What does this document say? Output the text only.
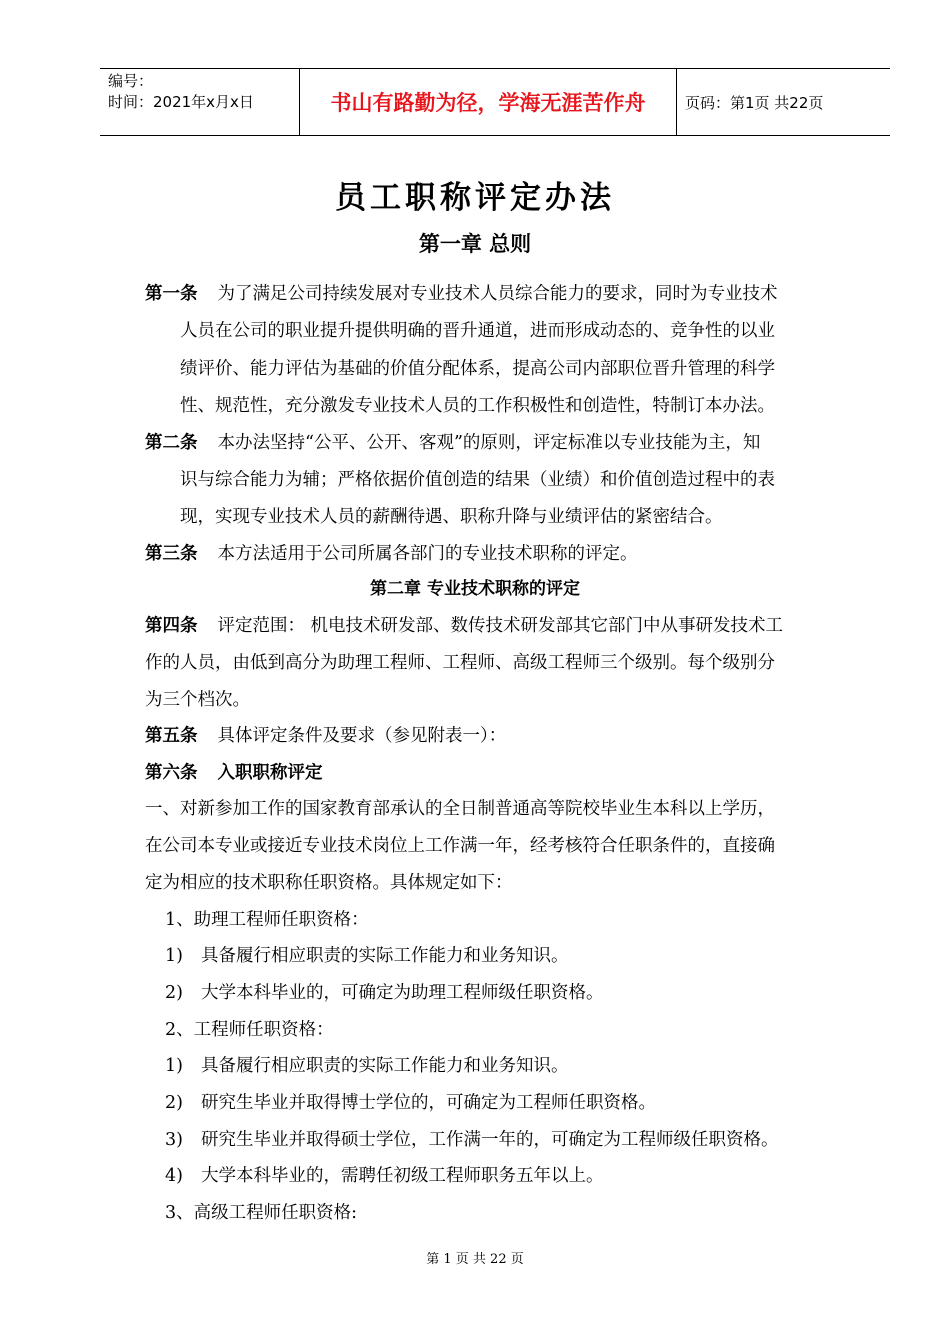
编号：
时间：2021年x月x日	书山有路勤为径，学海无涯苦作舟	页码：第1页 共22页
员工职称评定办法
第一章 总则
第一条 为了满足公司持续发展对专业技术人员综合能力的要求，同时为专业技术
人员在公司的职业提升提供明确的晋升通道，进而形成动态的、竞争性的以业
绩评价、能力评估为基础的价值分配体系，提高公司内部职位晋升管理的科学
性、规范性，充分激发专业技术人员的工作积极性和创造性，特制订本办法。
第二条 本办法坚持“公平、公开、客观”的原则，评定标准以专业技能为主，知
识与综合能力为辅；严格依据价值创造的结果（业绩）和价值创造过程中的表
现，实现专业技术人员的薪酬待遇、职称升降与业绩评估的紧密结合。
第三条 本方法适用于公司所属各部门的专业技术职称的评定。
第二章 专业技术职称的评定
第四条 评定范围： 机电技术研发部、数传技术研发部其它部门中从事研发技术工
作的人员，由低到高分为助理工程师、工程师、高级工程师三个级别。每个级别分
为三个档次。
第五条 具体评定条件及要求（参见附表一）：
第六条 入职职称评定
一、对新参加工作的国家教育部承认的全日制普通高等院校毕业生本科以上学历，
在公司本专业或接近专业技术岗位上工作满一年，经考核符合任职条件的，直接确
定为相应的技术职称任职资格。具体规定如下：
1、助理工程师任职资格：
1) 具备履行相应职责的实际工作能力和业务知识。
2) 大学本科毕业的，可确定为助理工程师级任职资格。
2、工程师任职资格：
1) 具备履行相应职责的实际工作能力和业务知识。
2) 研究生毕业并取得博士学位的，可确定为工程师任职资格。
3) 研究生毕业并取得硕士学位，工作满一年的，可确定为工程师级任职资格。
4) 大学本科毕业的，需聘任初级工程师职务五年以上。
3、高级工程师任职资格:
第 1 页 共 22 页
